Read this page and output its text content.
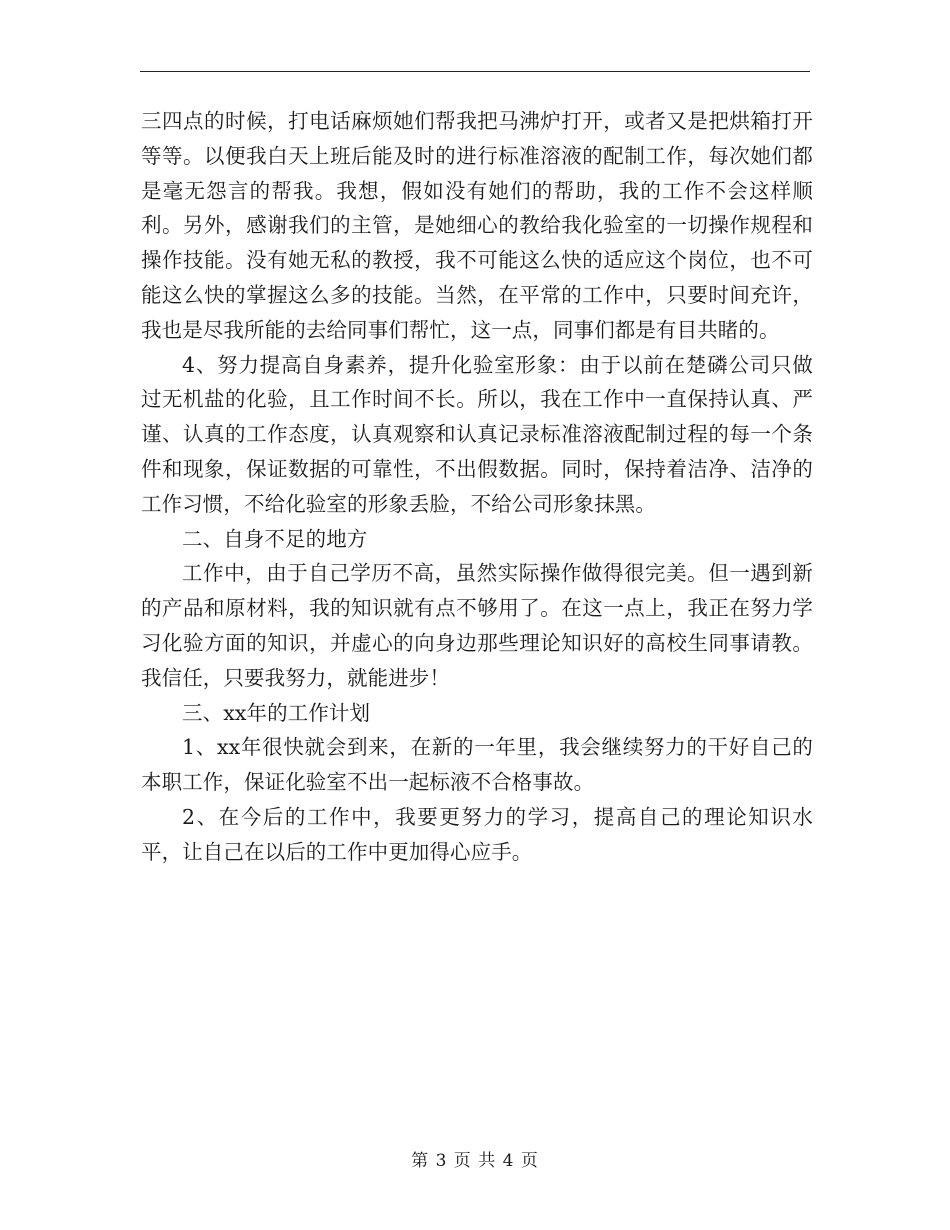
三四点的时候，打电话麻烦她们帮我把马沸炉打开，或者又是把烘箱打开等等。以便我白天上班后能及时的进行标准溶液的配制工作，每次她们都是毫无怨言的帮我。我想，假如没有她们的帮助，我的工作不会这样顺利。另外，感谢我们的主管，是她细心的教给我化验室的一切操作规程和操作技能。没有她无私的教授，我不可能这么快的适应这个岗位，也不可能这么快的掌握这么多的技能。当然，在平常的工作中，只要时间充许，我也是尽我所能的去给同事们帮忙，这一点，同事们都是有目共睹的。

4、努力提高自身素养，提升化验室形象：由于以前在楚磷公司只做过无机盐的化验，且工作时间不长。所以，我在工作中一直保持认真、严谨、认真的工作态度，认真观察和认真记录标准溶液配制过程的每一个条件和现象，保证数据的可靠性，不出假数据。同时，保持着洁净、洁净的工作习惯，不给化验室的形象丢脸，不给公司形象抹黑。

二、自身不足的地方

工作中，由于自己学历不高，虽然实际操作做得很完美。但一遇到新的产品和原材料，我的知识就有点不够用了。在这一点上，我正在努力学习化验方面的知识，并虚心的向身边那些理论知识好的高校生同事请教。我信任，只要我努力，就能进步！

三、xx年的工作计划

1、xx年很快就会到来，在新的一年里，我会继续努力的干好自己的本职工作，保证化验室不出一起标液不合格事故。

2、在今后的工作中，我要更努力的学习，提高自己的理论知识水平，让自己在以后的工作中更加得心应手。

第 3 页 共 4 页
